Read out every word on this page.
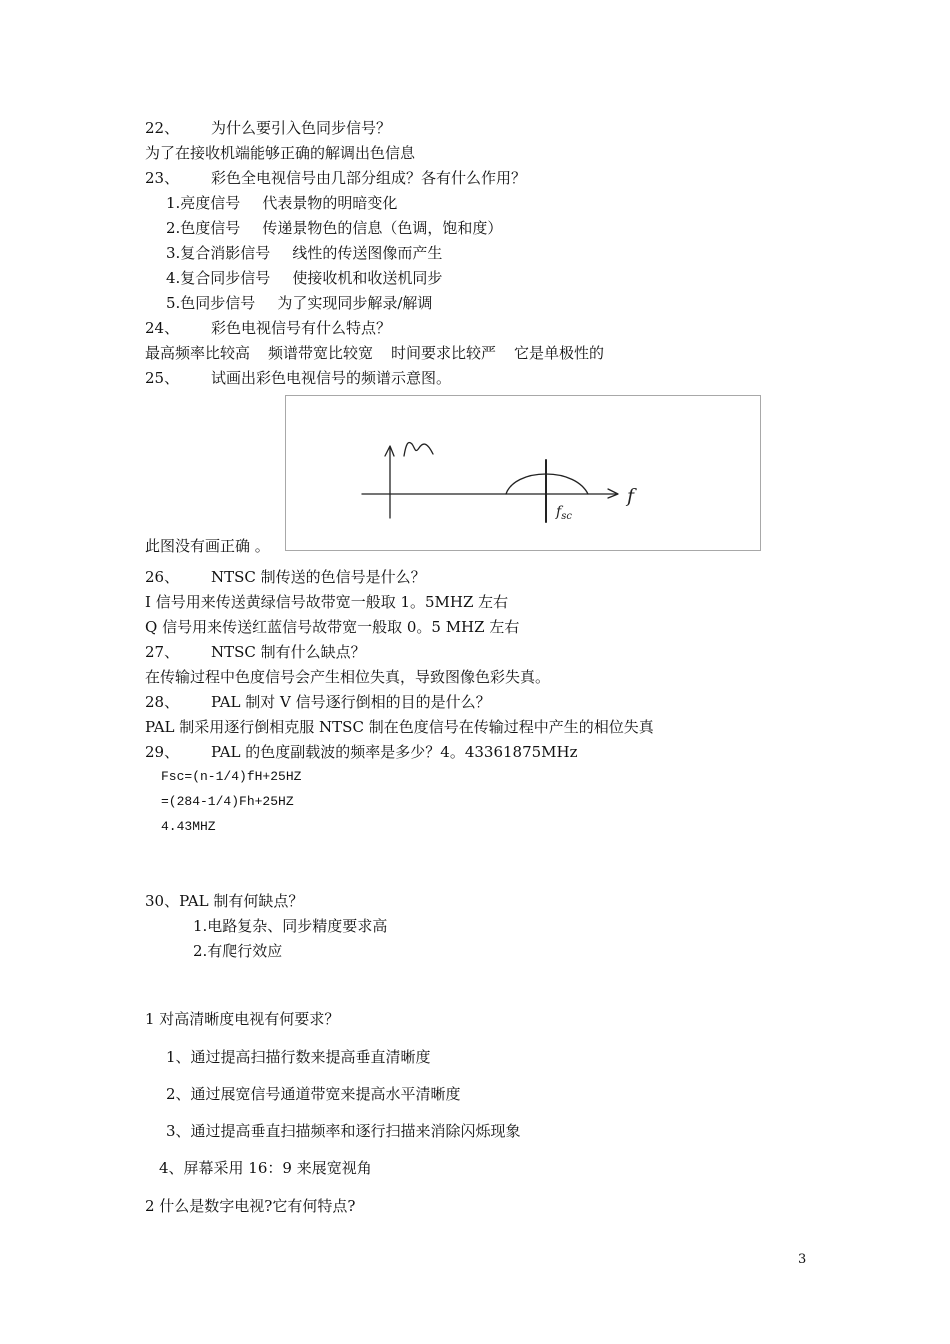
22、 为什么要引入色同步信号？
为了在接收机端能够正确的解调出色信息
23、 彩色全电视信号由几部分组成？各有什么作用？
1.亮度信号 代表景物的明暗变化
2.色度信号 传递景物色的信息（色调，饱和度）
3.复合消影信号 线性的传送图像而产生
4.复合同步信号 使接收机和收送机同步
5.色同步信号 为了实现同步解录/解调
24、 彩色电视信号有什么特点？
最高频率比较高 频谱带宽比较宽 时间要求比较严 它是单极性的
25、 试画出彩色电视信号的频谱示意图。
此图没有画正确 。
f
$f_{sc}$
26、 NTSC 制传送的色信号是什么？
I 信号用来传送黄绿信号故带宽一般取 1。5MHZ 左右
Q 信号用来传送红蓝信号故带宽一般取 0。5 MHZ 左右
27、 NTSC 制有什么缺点？
在传输过程中色度信号会产生相位失真，导致图像色彩失真。
28、 PAL 制对 V 信号逐行倒相的目的是什么？
PAL 制采用逐行倒相克服 NTSC 制在色度信号在传输过程中产生的相位失真
29、 PAL 的色度副载波的频率是多少？4。43361875MHz
Fsc=(n-1/4)fH+25HZ
=(284-1/4)Fh+25HZ
4.43MHZ
30、PAL 制有何缺点？
1.电路复杂、同步精度要求高
2.有爬行效应
1 对高清晰度电视有何要求？
1、通过提高扫描行数来提高垂直清晰度
2、通过展宽信号通道带宽来提高水平清晰度
3、通过提高垂直扫描频率和逐行扫描来消除闪烁现象
4、屏幕采用 16：9 来展宽视角
2 什么是数字电视?它有何特点?
3
